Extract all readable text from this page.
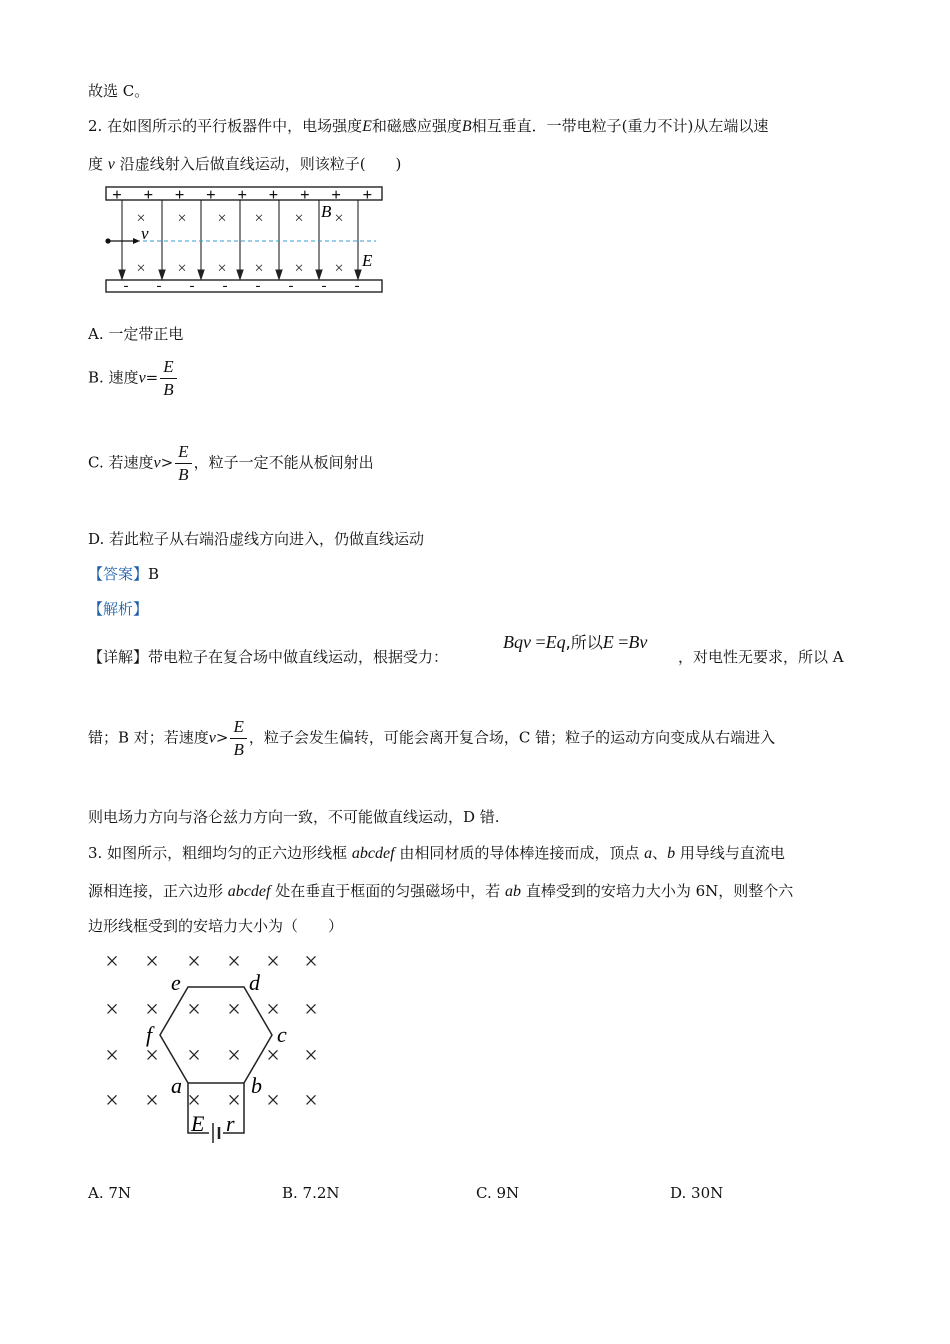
故选 C。
2. 在如图所示的平行板器件中，电场强度E和磁感应强度B相互垂直．一带电粒子(重力不计)从左端以速
度 v 沿虚线射入后做直线运动，则该粒子(　　)
+ + + + + + + + +
- - - - - - - -
v
B
E
×
×
×
×
×
×
×
×
×
×
×
×
A. 一定带正电
B. 速度$v= \frac{E}{B}$
C. 若速度$v> \frac{E}{B}$ ，粒子一定不能从板间射出
D. 若此粒子从右端沿虚线方向进入，仍做直线运动
【答案】B
【解析】
【详解】带电粒子在复合场中做直线运动，根据受力：
Bqv =Eq,所以E =Bv
，对电性无要求，所以 A
错；B 对；若速度$v> \frac{E}{B}$ ，粒子会发生偏转，可能会离开复合场，C 错；粒子的运动方向变成从右端进入
则电场力方向与洛仑兹力方向一致，不可能做直线运动，D 错.
3. 如图所示，粗细均匀的正六边形线框 abcdef 由相同材质的导体棒连接而成，顶点 a、b 用导线与直流电
源相连接，正六边形 abcdef 处在垂直于框面的匀强磁场中，若 ab 直棒受到的安培力大小为 6N，则整个六
边形线框受到的安培力大小为（　　）
× × × × × ×
× × × × × ×
× × × × × ×
× × × × × ×
e	d
c
f
a	b
E r
A. 7N	B. 7.2N	C. 9N	D. 30N
